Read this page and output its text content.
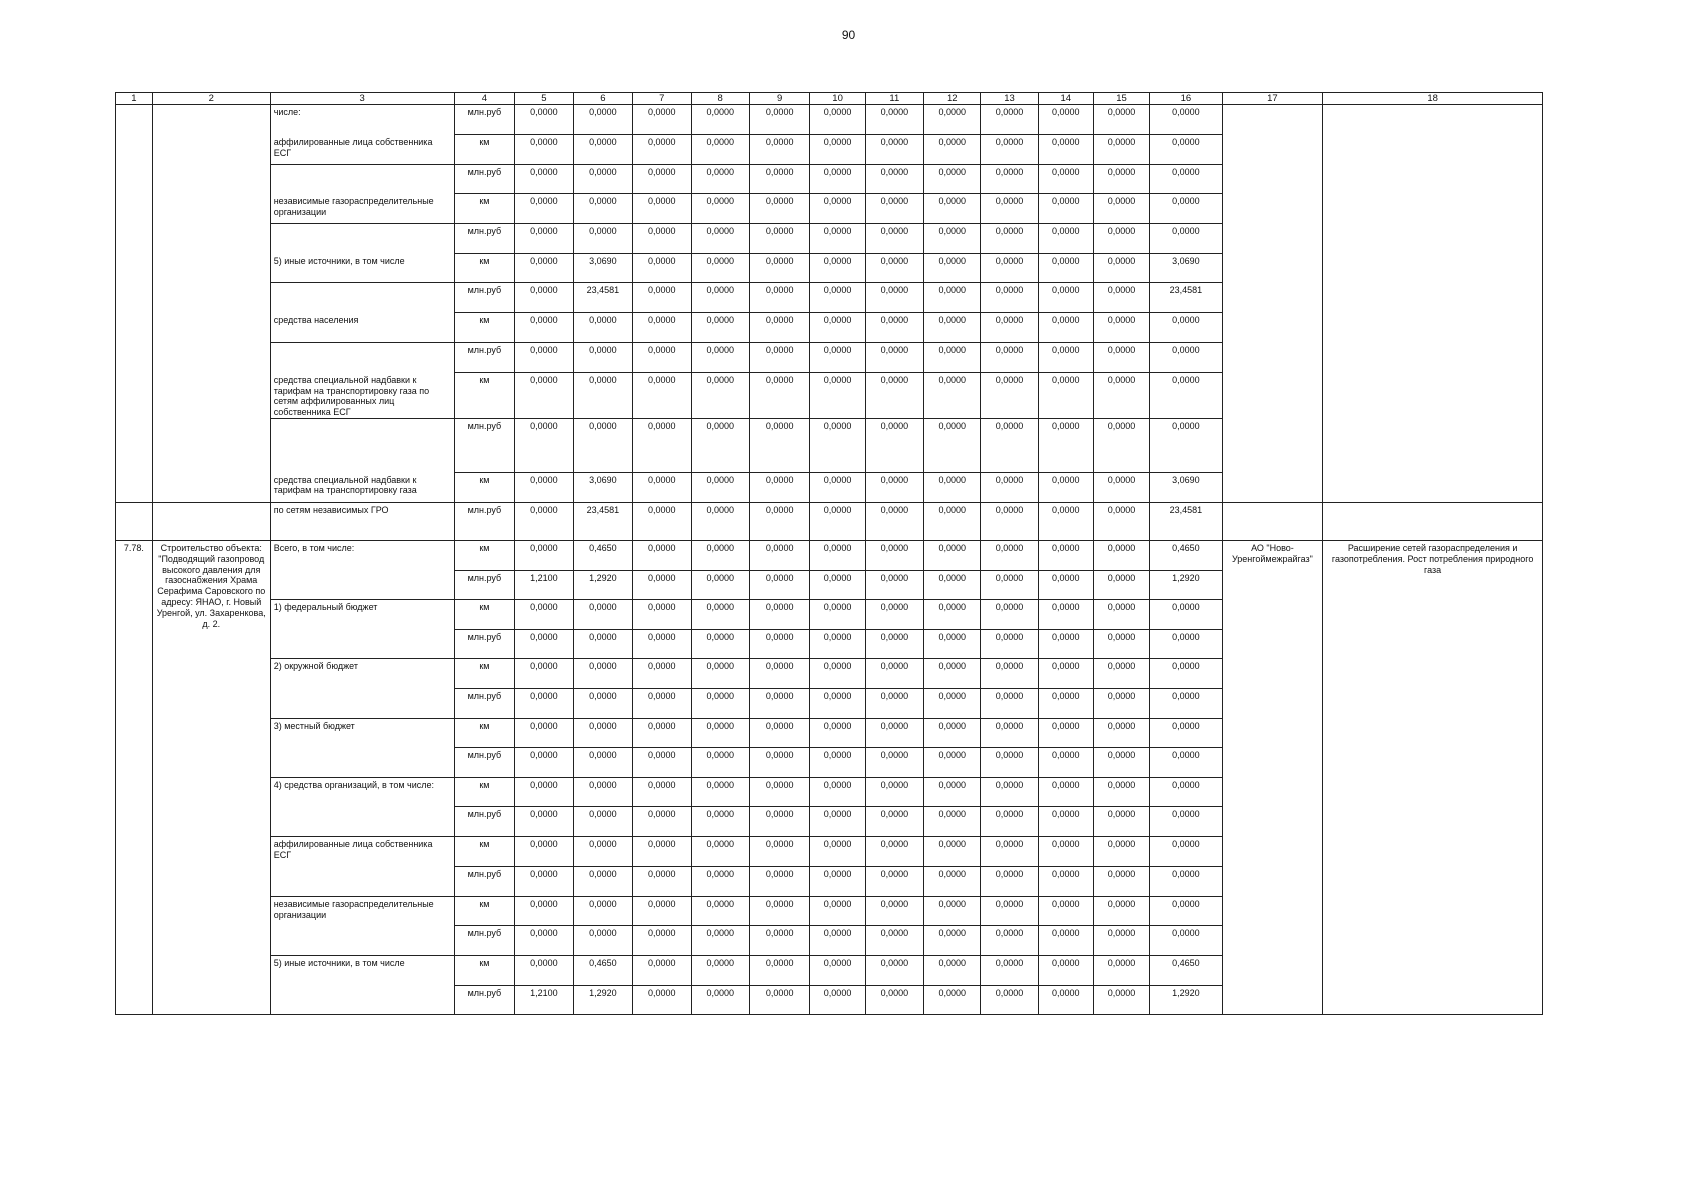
90
1	2	3	4	5	6	7	8	9	10	11	12	13	14	15	16	17	18
		числе:	млн.руб	0,0000	0,0000	0,0000	0,0000	0,0000	0,0000	0,0000	0,0000	0,0000	0,0000	0,0000	0,0000		
		аффилированные лица собственника ЕСГ	км	0,0000	0,0000	0,0000	0,0000	0,0000	0,0000	0,0000	0,0000	0,0000	0,0000	0,0000	0,0000		
			млн.руб	0,0000	0,0000	0,0000	0,0000	0,0000	0,0000	0,0000	0,0000	0,0000	0,0000	0,0000	0,0000		
		независимые газораспределительные организации	км	0,0000	0,0000	0,0000	0,0000	0,0000	0,0000	0,0000	0,0000	0,0000	0,0000	0,0000	0,0000		
			млн.руб	0,0000	0,0000	0,0000	0,0000	0,0000	0,0000	0,0000	0,0000	0,0000	0,0000	0,0000	0,0000		
		5) иные источники, в том числе	км	0,0000	3,0690	0,0000	0,0000	0,0000	0,0000	0,0000	0,0000	0,0000	0,0000	0,0000	3,0690		
			млн.руб	0,0000	23,4581	0,0000	0,0000	0,0000	0,0000	0,0000	0,0000	0,0000	0,0000	0,0000	23,4581		
		средства населения	км	0,0000	0,0000	0,0000	0,0000	0,0000	0,0000	0,0000	0,0000	0,0000	0,0000	0,0000	0,0000		
			млн.руб	0,0000	0,0000	0,0000	0,0000	0,0000	0,0000	0,0000	0,0000	0,0000	0,0000	0,0000	0,0000		
		средства специальной надбавки к тарифам на транспортировку газа по сетям аффилированных лиц собственника ЕСГ	км	0,0000	0,0000	0,0000	0,0000	0,0000	0,0000	0,0000	0,0000	0,0000	0,0000	0,0000	0,0000		
			млн.руб	0,0000	0,0000	0,0000	0,0000	0,0000	0,0000	0,0000	0,0000	0,0000	0,0000	0,0000	0,0000		
		средства специальной надбавки к тарифам на транспортировку газа	км	0,0000	3,0690	0,0000	0,0000	0,0000	0,0000	0,0000	0,0000	0,0000	0,0000	0,0000	3,0690		
		по сетям независимых ГРО	млн.руб	0,0000	23,4581	0,0000	0,0000	0,0000	0,0000	0,0000	0,0000	0,0000	0,0000	0,0000	23,4581		
7.78.	Строительство объекта: "Подводящий газопровод высокого давления для газоснабжения Храма Серафима Саровского по адресу: ЯНАО, г. Новый Уренгой, ул. Захаренкова, д. 2.	Всего, в том числе:	км	0,0000	0,4650	0,0000	0,0000	0,0000	0,0000	0,0000	0,0000	0,0000	0,0000	0,0000	0,4650	АО "Ново-Уренгоймежрайгаз"	Расширение сетей газораспределения и газопотребления. Рост потребления природного газа
			млн.руб	1,2100	1,2920	0,0000	0,0000	0,0000	0,0000	0,0000	0,0000	0,0000	0,0000	0,0000	1,2920		
		1) федеральный бюджет	км	0,0000	0,0000	0,0000	0,0000	0,0000	0,0000	0,0000	0,0000	0,0000	0,0000	0,0000	0,0000		
			млн.руб	0,0000	0,0000	0,0000	0,0000	0,0000	0,0000	0,0000	0,0000	0,0000	0,0000	0,0000	0,0000		
		2) окружной бюджет	км	0,0000	0,0000	0,0000	0,0000	0,0000	0,0000	0,0000	0,0000	0,0000	0,0000	0,0000	0,0000		
			млн.руб	0,0000	0,0000	0,0000	0,0000	0,0000	0,0000	0,0000	0,0000	0,0000	0,0000	0,0000	0,0000		
		3) местный бюджет	км	0,0000	0,0000	0,0000	0,0000	0,0000	0,0000	0,0000	0,0000	0,0000	0,0000	0,0000	0,0000		
			млн.руб	0,0000	0,0000	0,0000	0,0000	0,0000	0,0000	0,0000	0,0000	0,0000	0,0000	0,0000	0,0000		
		4) средства организаций, в том числе:	км	0,0000	0,0000	0,0000	0,0000	0,0000	0,0000	0,0000	0,0000	0,0000	0,0000	0,0000	0,0000		
			млн.руб	0,0000	0,0000	0,0000	0,0000	0,0000	0,0000	0,0000	0,0000	0,0000	0,0000	0,0000	0,0000		
		аффилированные лица собственника ЕСГ	км	0,0000	0,0000	0,0000	0,0000	0,0000	0,0000	0,0000	0,0000	0,0000	0,0000	0,0000	0,0000		
			млн.руб	0,0000	0,0000	0,0000	0,0000	0,0000	0,0000	0,0000	0,0000	0,0000	0,0000	0,0000	0,0000		
		независимые газораспределительные организации	км	0,0000	0,0000	0,0000	0,0000	0,0000	0,0000	0,0000	0,0000	0,0000	0,0000	0,0000	0,0000		
			млн.руб	0,0000	0,0000	0,0000	0,0000	0,0000	0,0000	0,0000	0,0000	0,0000	0,0000	0,0000	0,0000		
		5) иные источники, в том числе	км	0,0000	0,4650	0,0000	0,0000	0,0000	0,0000	0,0000	0,0000	0,0000	0,0000	0,0000	0,4650		
			млн.руб	1,2100	1,2920	0,0000	0,0000	0,0000	0,0000	0,0000	0,0000	0,0000	0,0000	0,0000	1,2920		
